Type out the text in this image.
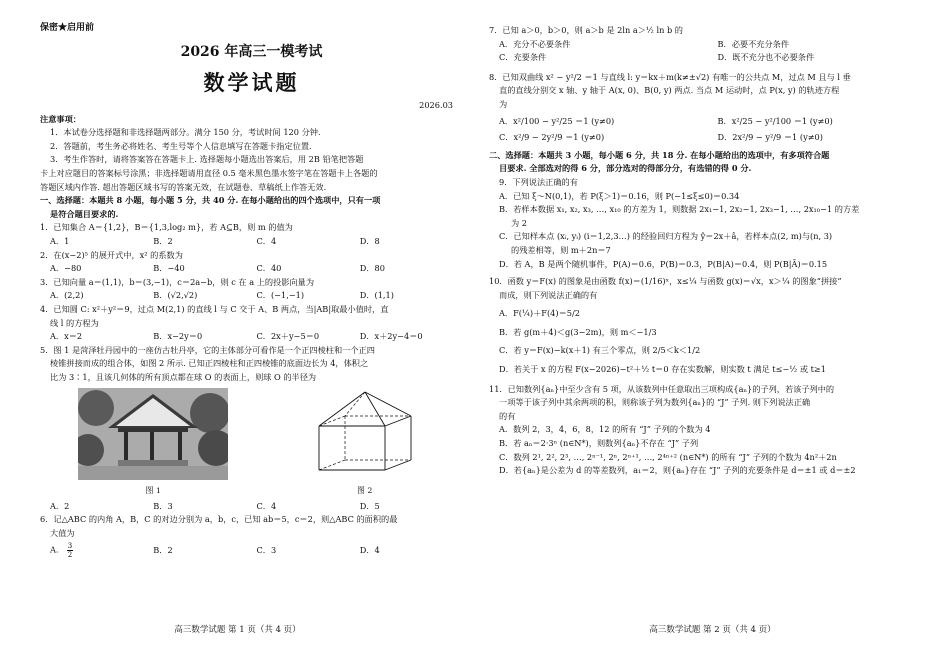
保密★启用前
2026 年高三一模考试
数学试题
2026.03
注意事项：
1．本试卷分选择题和非选择题两部分。满分 150 分，考试时间 120 分钟.
2．答题前，考生务必将姓名、考生号等个人信息填写在答题卡指定位置.
3．考生作答时，请将答案答在答题卡上. 选择题每小题选出答案后，用 2B 铅笔把答题
卡上对应题目的答案标号涂黑；非选择题请用直径 0.5 毫米黑色墨水签字笔在答题卡上各题的
答题区域内作答. 超出答题区域书写的答案无效，在试题卷、草稿纸上作答无效.
一、选择题：本题共 8 小题，每小题 5 分，共 40 分. 在每小题给出的四个选项中，只有一项
是符合题目要求的.
1．已知集合 A＝{1,2}，B＝{1,3,log₂ m}，若 A⊆B，则 m 的值为
A．1	B．2	C．4	D．8
2．在(x−2)⁵ 的展开式中，x² 的系数为
A．−80	B．−40	C．40	D．80
3．已知向量 a＝(1,1)，b＝(3,−1)，c＝2a−b，则 c 在 a 上的投影向量为
A．(2,2)	B．(√2,√2)	C．(−1,−1)	D．(1,1)
4．已知圆 C: x²＋y²＝9，过点 M(2,1) 的直线 l 与 C 交于 A、B 两点，当|AB|取最小值时，直
线 l 的方程为
A．x＝2	B．x−2y＝0	C．2x＋y−5＝0	D．x＋2y−4＝0
5．图 1 是菏泽牡丹园中的一座仿古牡丹亭，它的主体部分可看作是一个正四棱柱和一个正四
棱锥拼接而成的组合体，如图 2 所示. 已知正四棱柱和正四棱锥的底面边长为 4，体积之
比为 3∶1，且该几何体的所有顶点都在球 O 的表面上，则球 O 的半径为
图 1	图 2
A．2	B．3	C．4	D．5
6．记△ABC 的内角 A，B，C 的对边分别为 a，b，c，已知 ab＝5，c＝2，则△ABC 的面积的最
大值为
A． $\frac{3}{2}$	B．2	C．3	D．4
高三数学试题 第 1 页（共 4 页）
7．已知 a＞0，b＞0，则 a＞b 是 2ln a＞½ ln b 的
A．充分不必要条件	B．必要不充分条件
C．充要条件	D．既不充分也不必要条件
8．已知双曲线 x² − y²/2 ＝1 与直线 l: y＝kx＋m(k≠±√2) 有唯一的公共点 M，过点 M 且与 l 垂
直的直线分别交 x 轴、y 轴于 A(x, 0)、B(0, y) 两点. 当点 M 运动时，点 P(x, y) 的轨迹方程
为
A．x²/100 − y²/25 ＝1 (y≠0)	B．x²/25 − y²/100 ＝1 (y≠0)
C．x²/9 − 2y²/9 ＝1 (y≠0)	D．2x²/9 − y²/9 ＝1 (y≠0)
二、选择题：本题共 3 小题，每小题 6 分，共 18 分. 在每小题给出的选项中，有多项符合题
目要求. 全部选对的得 6 分，部分选对的得部分分，有选错的得 0 分.
9．下列说法正确的有
A．已知 ξ～N(0,1)，若 P(ξ＞1)＝0.16，则 P(−1≤ξ≤0)＝0.34
B．若样本数据 x₁, x₂, x₃, …, x₁₀ 的方差为 1，则数据 2x₁−1, 2x₂−1, 2x₃−1, …, 2x₁₀−1 的方差
为 2
C．已知样本点 (xᵢ, yᵢ) (i＝1,2,3…) 的经验回归方程为 ŷ＝2x＋â，若样本点(2, m)与(n, 3)
的残差相等，则 m＋2n＝7
D．若 A，B 是两个随机事件，P(A)＝0.6，P(B)＝0.3，P(B|A)＝0.4，则 P(B|Ā)＝0.15
10．函数 y＝F(x) 的图象是由函数 f(x)＝(1/16)ˣ，x≤¼ 与函数 g(x)＝√x，x＞¼ 的图象“拼接”
而成，则下列说法正确的有
A．F(¼)＋F(4)＝5/2
B．若 g(m＋4)＜g(3−2m)，则 m＜−1/3
C．若 y＝F(x)−k(x＋1) 有三个零点，则 2/5＜k＜1/2
D．若关于 x 的方程 F(x−2026)−t²＋½ t＝0 存在实数解，则实数 t 满足 t≤−½ 或 t≥1
11．已知数列{aₙ}中至少含有 5 项，从该数列中任意取出三项构成{aₙ}的子列，若该子列中的
一项等于该子列中其余两项的积，则称该子列为数列{aₙ}的 “J” 子列. 则下列说法正确
的有
A．数列 2，3，4，6，8，12 的所有 “J” 子列的个数为 4
B．若 aₙ＝2·3ⁿ (n∈N*)，则数列{aₙ}不存在 “J” 子列
C．数列 2¹, 2², 2³, …, 2ⁿ⁻¹, 2ⁿ, 2ⁿ⁺¹, …, 2⁴ⁿ⁺² (n∈N*) 的所有 “J” 子列的个数为 4n²＋2n
D．若{aₙ}是公差为 d 的等差数列，a₁＝2，则{aₙ}存在 “J” 子列的充要条件是 d＝±1 或 d＝±2
高三数学试题 第 2 页（共 4 页）
